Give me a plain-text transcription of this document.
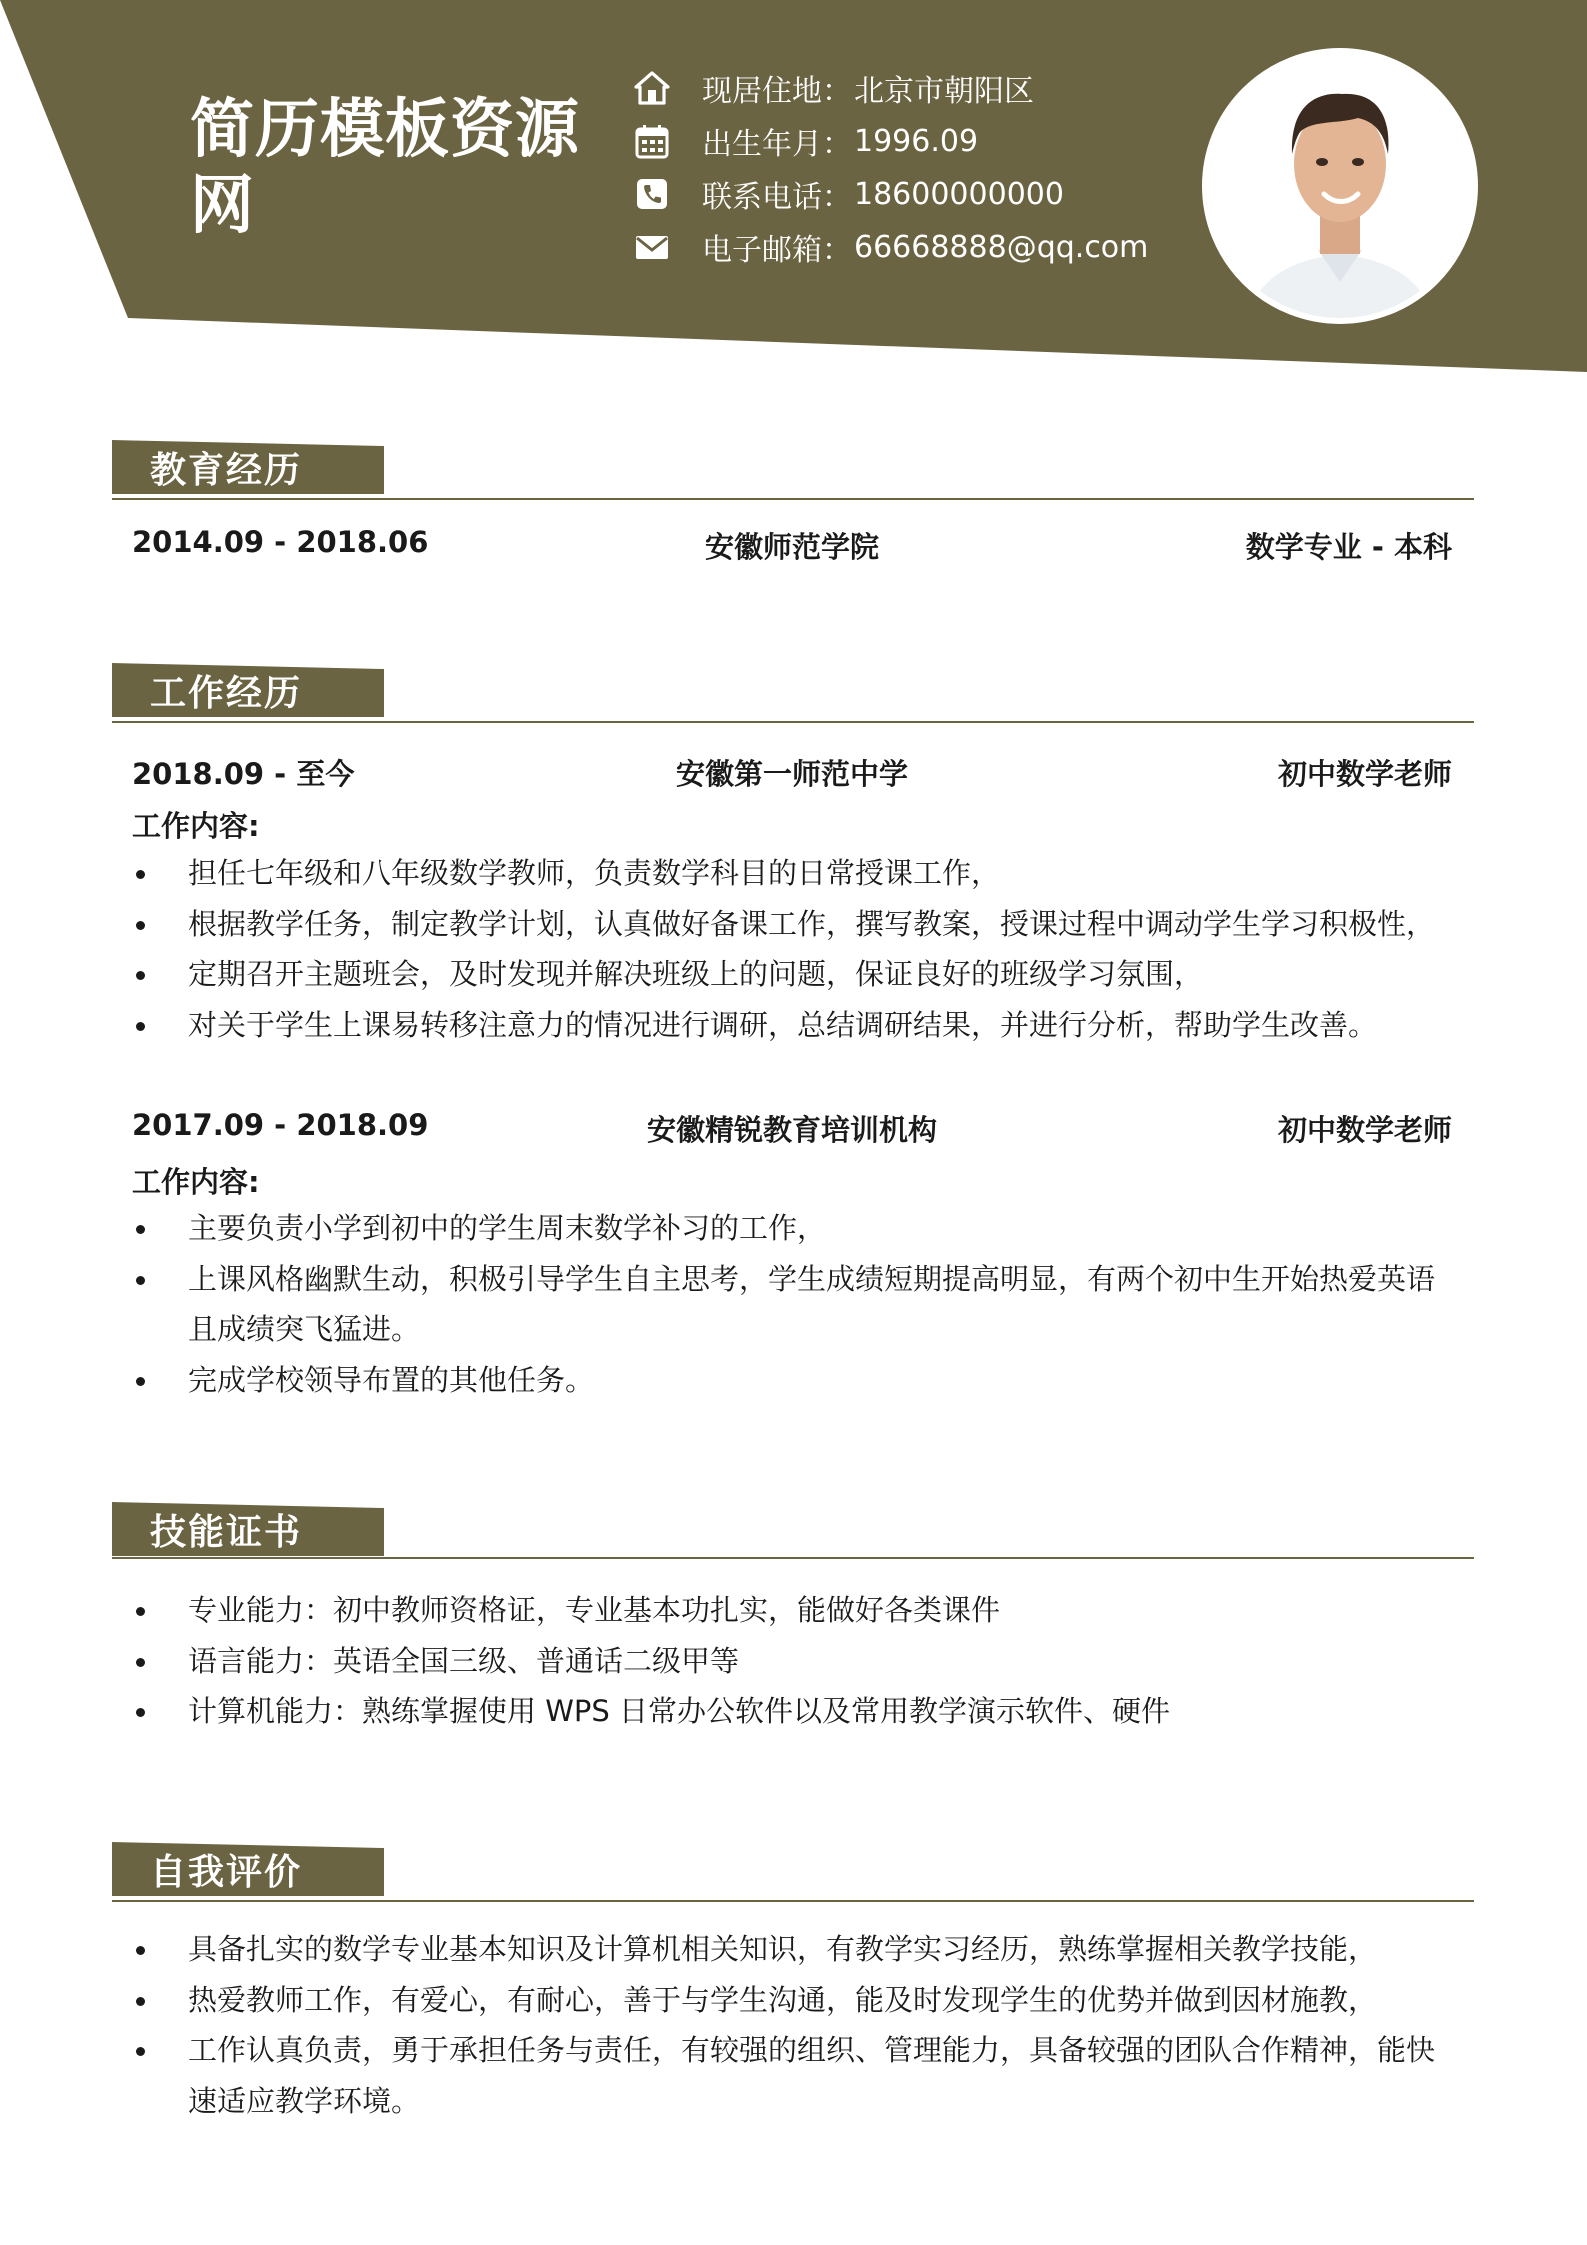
简历模板资源网
现居住地： 北京市朝阳区
出生年月： 1996.09
联系电话： 18600000000
电子邮箱： 66668888@qq.com
教育经历
2014.09 - 2018.06	安徽师范学院	数学专业 - 本科
工作经历
2018.09 - 至今	安徽第一师范中学	初中数学老师
工作内容:
担任七年级和八年级数学教师，负责数学科目的日常授课工作，
根据教学任务，制定教学计划，认真做好备课工作，撰写教案，授课过程中调动学生学习积极性，
定期召开主题班会，及时发现并解决班级上的问题，保证良好的班级学习氛围，
对关于学生上课易转移注意力的情况进行调研，总结调研结果，并进行分析，帮助学生改善。
2017.09 - 2018.09	安徽精锐教育培训机构	初中数学老师
工作内容:
主要负责小学到初中的学生周末数学补习的工作，
上课风格幽默生动，积极引导学生自主思考，学生成绩短期提高明显，有两个初中生开始热爱英语且成绩突飞猛进。
完成学校领导布置的其他任务。
技能证书
专业能力：初中教师资格证，专业基本功扎实，能做好各类课件
语言能力：英语全国三级、普通话二级甲等
计算机能力：熟练掌握使用 WPS 日常办公软件以及常用教学演示软件、硬件
自我评价
具备扎实的数学专业基本知识及计算机相关知识，有教学实习经历，熟练掌握相关教学技能，
热爱教师工作，有爱心，有耐心，善于与学生沟通，能及时发现学生的优势并做到因材施教，
工作认真负责，勇于承担任务与责任，有较强的组织、管理能力，具备较强的团队合作精神，能快速适应教学环境。
